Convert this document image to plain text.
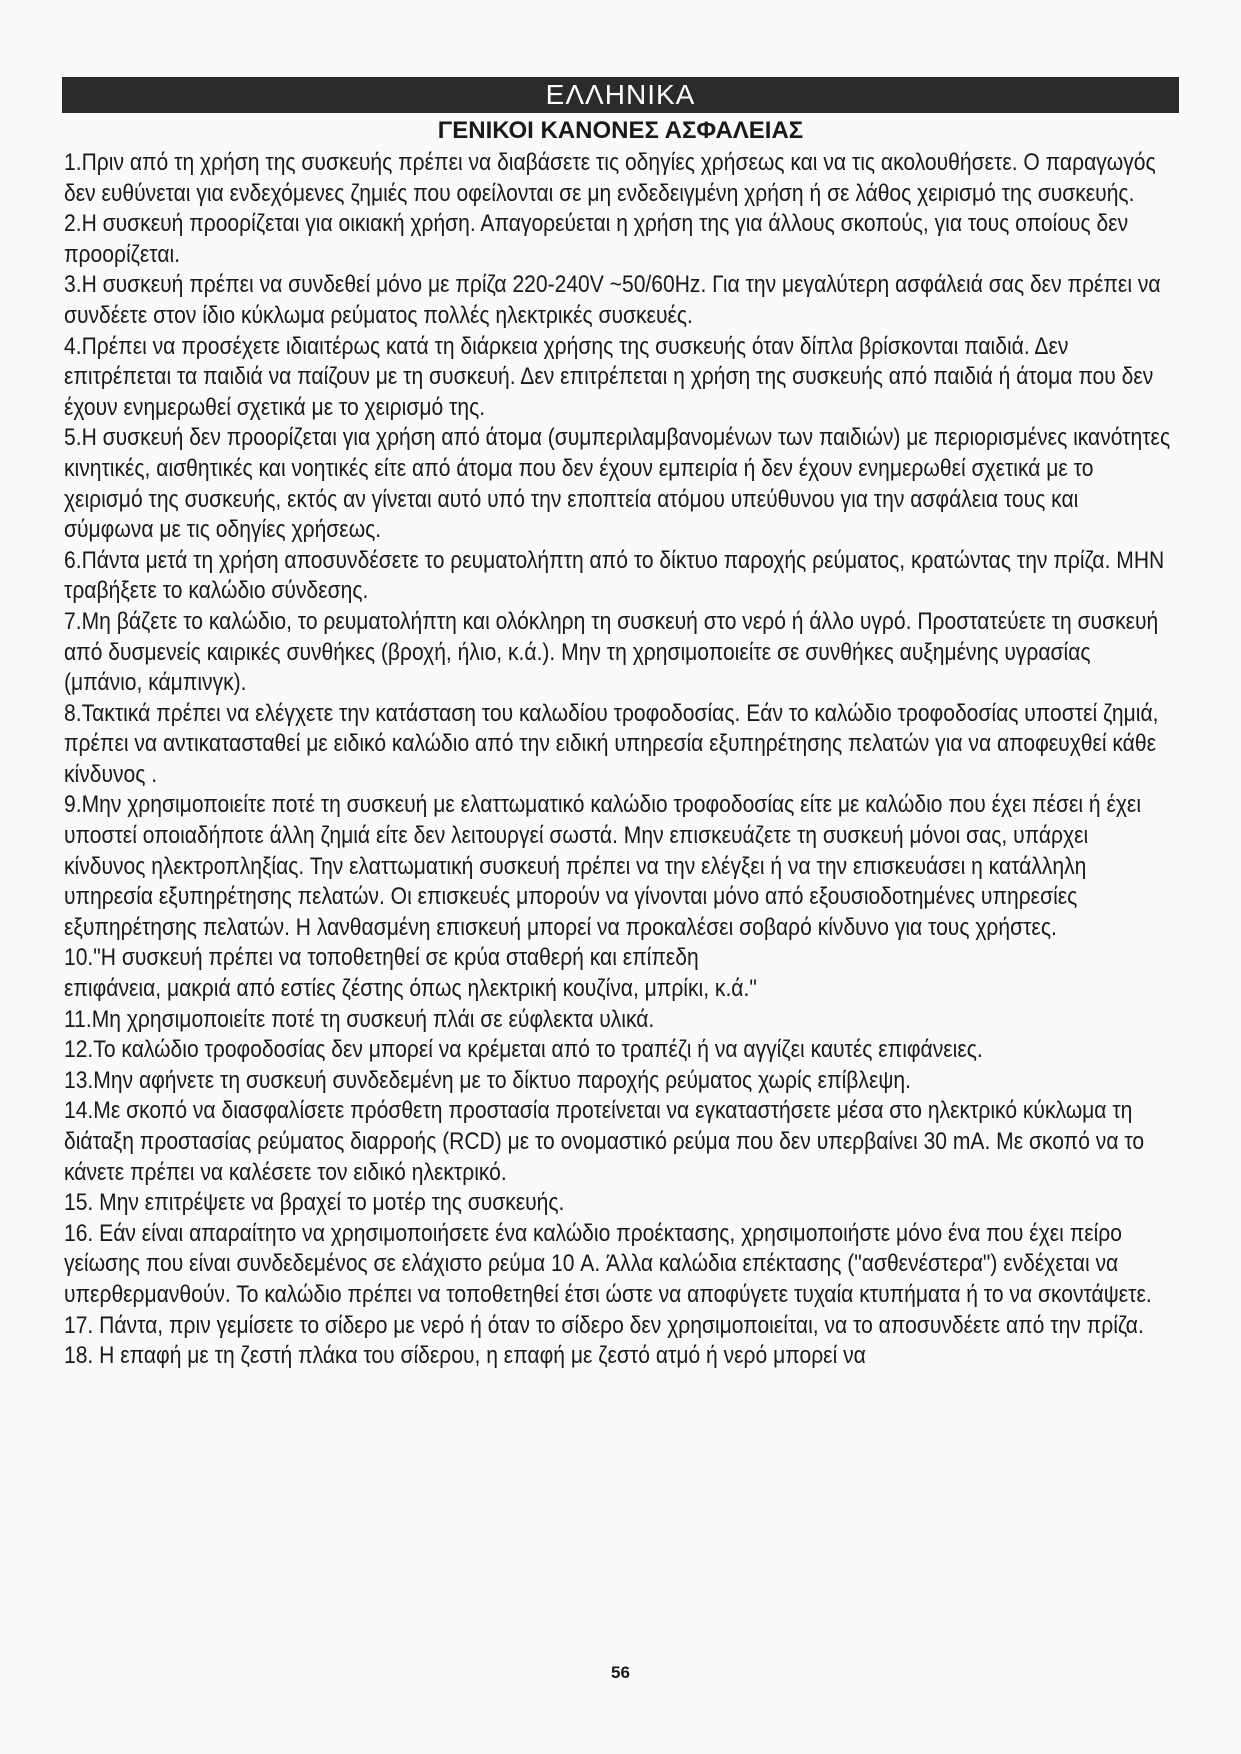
ΕΛΛΗΝΙΚΑ
ΓΕΝΙΚΟΙ ΚΑΝΟΝΕΣ ΑΣΦΑΛΕΙΑΣ

1.Πριν από τη χρήση της συσκευής πρέπει να διαβάσετε τις οδηγίες χρήσεως και να τις ακολουθήσετε. Ο παραγωγός δεν ευθύνεται για ενδεχόμενες ζημιές που οφείλονται σε μη ενδεδειγμένη χρήση ή σε λάθος χειρισμό της συσκευής.

2.Η συσκευή προορίζεται για οικιακή χρήση. Απαγορεύεται η χρήση της για άλλους σκοπούς, για τους οποίους δεν προορίζεται.

3.Η συσκευή πρέπει να συνδεθεί μόνο με πρίζα 220-240V ~50/60Hz. Για την μεγαλύτερη ασφάλειά σας δεν πρέπει να συνδέετε στον ίδιο κύκλωμα ρεύματος πολλές ηλεκτρικές συσκευές.

4.Πρέπει να προσέχετε ιδιαιτέρως κατά τη διάρκεια χρήσης της συσκευής όταν δίπλα βρίσκονται παιδιά. Δεν επιτρέπεται τα παιδιά να παίζουν με τη συσκευή. Δεν επιτρέπεται η χρήση της συσκευής από παιδιά ή άτομα που δεν έχουν ενημερωθεί σχετικά με το χειρισμό της.

5.Η συσκευή δεν προορίζεται για χρήση από άτομα (συμπεριλαμβανομένων των παιδιών) με περιορισμένες ικανότητες κινητικές, αισθητικές και νοητικές είτε από άτομα που δεν έχουν εμπειρία ή δεν έχουν ενημερωθεί σχετικά με το χειρισμό της συσκευής, εκτός αν γίνεται αυτό υπό την εποπτεία ατόμου υπεύθυνου για την ασφάλεια τους και σύμφωνα με τις οδηγίες χρήσεως.

6.Πάντα μετά τη χρήση αποσυνδέσετε το ρευματολήπτη από το δίκτυο παροχής ρεύματος, κρατώντας την πρίζα. ΜΗΝ τραβήξετε το καλώδιο σύνδεσης.

7.Μη βάζετε το καλώδιο, το ρευματολήπτη και ολόκληρη τη συσκευή στο νερό ή άλλο υγρό. Προστατεύετε τη συσκευή από δυσμενείς καιρικές συνθήκες (βροχή, ήλιο, κ.ά.). Μην τη χρησιμοποιείτε σε συνθήκες αυξημένης υγρασίας (μπάνιο, κάμπινγκ).

8.Τακτικά πρέπει να ελέγχετε την κατάσταση του καλωδίου τροφοδοσίας. Εάν το καλώδιο τροφοδοσίας υποστεί ζημιά, πρέπει να αντικατασταθεί με ειδικό καλώδιο από την ειδική υπηρεσία εξυπηρέτησης πελατών για να αποφευχθεί κάθε κίνδυνος .

9.Μην χρησιμοποιείτε ποτέ τη συσκευή με ελαττωματικό καλώδιο τροφοδοσίας είτε με καλώδιο που έχει πέσει ή έχει υποστεί οποιαδήποτε άλλη ζημιά είτε δεν λειτουργεί σωστά. Μην επισκευάζετε τη συσκευή μόνοι σας, υπάρχει κίνδυνος ηλεκτροπληξίας. Την ελαττωματική συσκευή πρέπει να την ελέγξει ή να την επισκευάσει η κατάλληλη υπηρεσία εξυπηρέτησης πελατών. Οι επισκευές μπορούν να γίνονται μόνο από εξουσιοδοτημένες υπηρεσίες εξυπηρέτησης πελατών. Η λανθασμένη επισκευή μπορεί να προκαλέσει σοβαρό κίνδυνο για τους χρήστες.

10."Η συσκευή πρέπει να τοποθετηθεί σε κρύα σταθερή και επίπεδη
επιφάνεια, μακριά από εστίες ζέστης όπως ηλεκτρική κουζίνα, μπρίκι, κ.ά."

11.Μη χρησιμοποιείτε ποτέ τη συσκευή πλάι σε εύφλεκτα υλικά.

12.Το καλώδιο τροφοδοσίας δεν μπορεί να κρέμεται από το τραπέζι ή να αγγίζει καυτές επιφάνειες.

13.Μην αφήνετε τη συσκευή συνδεδεμένη με το δίκτυο παροχής ρεύματος χωρίς επίβλεψη.

14.Με σκοπό να διασφαλίσετε πρόσθετη προστασία προτείνεται να εγκαταστήσετε μέσα στο ηλεκτρικό κύκλωμα τη διάταξη προστασίας ρεύματος διαρροής (RCD) με το ονομαστικό ρεύμα που δεν υπερβαίνει 30 mA. Με σκοπό να το κάνετε πρέπει να καλέσετε τον ειδικό ηλεκτρικό.

15. Μην επιτρέψετε να βραχεί το μοτέρ της συσκευής.

16. Εάν είναι απαραίτητο να χρησιμοποιήσετε ένα καλώδιο προέκτασης, χρησιμοποιήστε μόνο ένα που έχει πείρο γείωσης που είναι συνδεδεμένος σε ελάχιστο ρεύμα 10 A. Άλλα καλώδια επέκτασης ("ασθενέστερα") ενδέχεται να υπερθερμανθούν. Το καλώδιο πρέπει να τοποθετηθεί έτσι ώστε να αποφύγετε τυχαία κτυπήματα ή το να σκοντάψετε.

17. Πάντα, πριν γεμίσετε το σίδερο με νερό ή όταν το σίδερο δεν χρησιμοποιείται, να το αποσυνδέετε από την πρίζα.

18. Η επαφή με τη ζεστή πλάκα του σίδερου, η επαφή με ζεστό ατμό ή νερό μπορεί να

56
